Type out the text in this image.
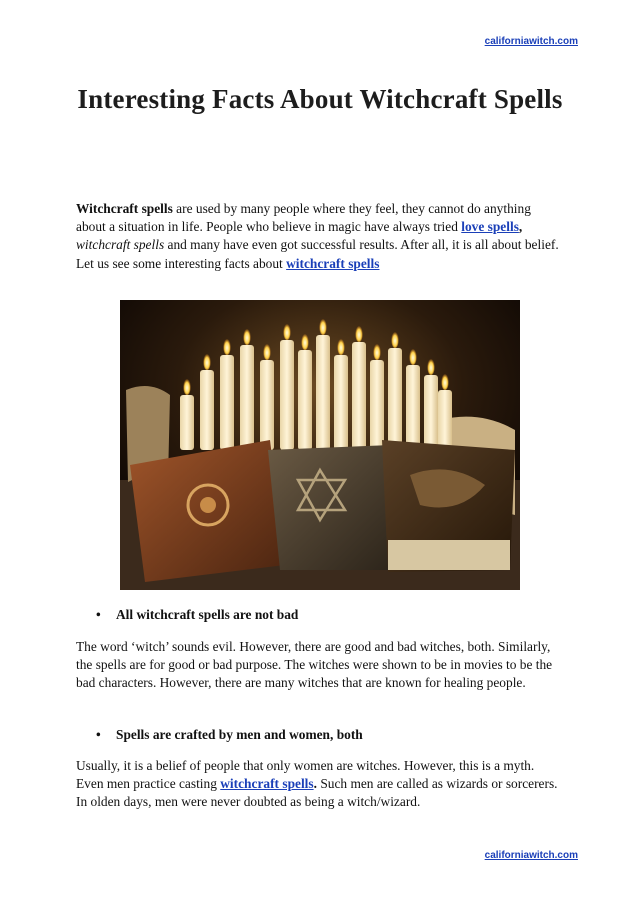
californiawitch.com
Interesting Facts About Witchcraft Spells

Witchcraft spells are used by many people where they feel, they cannot do anything about a situation in life. People who believe in magic have always tried love spells, witchcraft spells and many have even got successful results. After all, it is all about belief. Let us see some interesting facts about witchcraft spells

• All witchcraft spells are not bad

The word ‘witch’ sounds evil. However, there are good and bad witches, both. Similarly, the spells are for good or bad purpose. The witches were shown to be in movies to be the bad characters. However, there are many witches that are known for healing people.

• Spells are crafted by men and women, both

Usually, it is a belief of people that only women are witches. However, this is a myth. Even men practice casting witchcraft spells. Such men are called as wizards or sorcerers. In olden days, men were never doubted as being a witch/wizard.

californiawitch.com
